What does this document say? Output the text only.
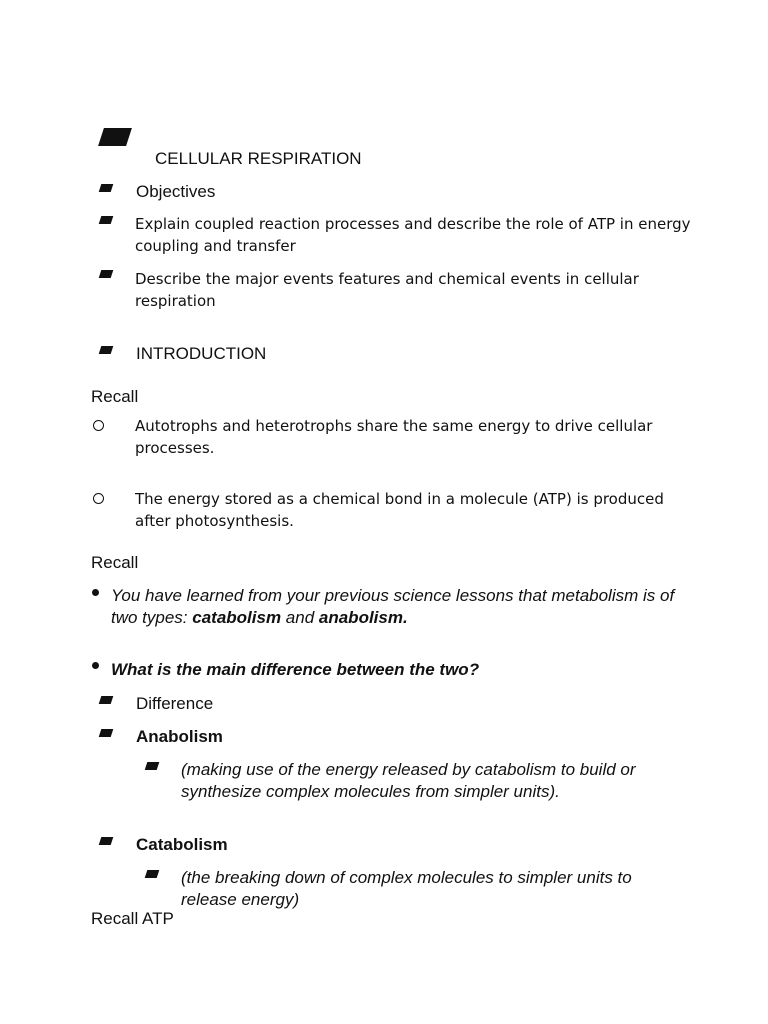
CELLULAR RESPIRATION

Objectives

Explain coupled reaction processes and describe the role of ATP in energy coupling and transfer

Describe the major events features and chemical events in cellular respiration

INTRODUCTION

Recall

Autotrophs and heterotrophs share the same energy to drive cellular processes.

The energy stored as a chemical bond in a molecule (ATP) is produced after photosynthesis.

Recall

You have learned from your previous science lessons that metabolism is of two types: catabolism and anabolism.

What is the main difference between the two?

Difference

Anabolism

(making use of the energy released by catabolism to build or synthesize complex molecules from simpler units).

Catabolism

(the breaking down of complex molecules to simpler units to release energy)

Recall ATP
